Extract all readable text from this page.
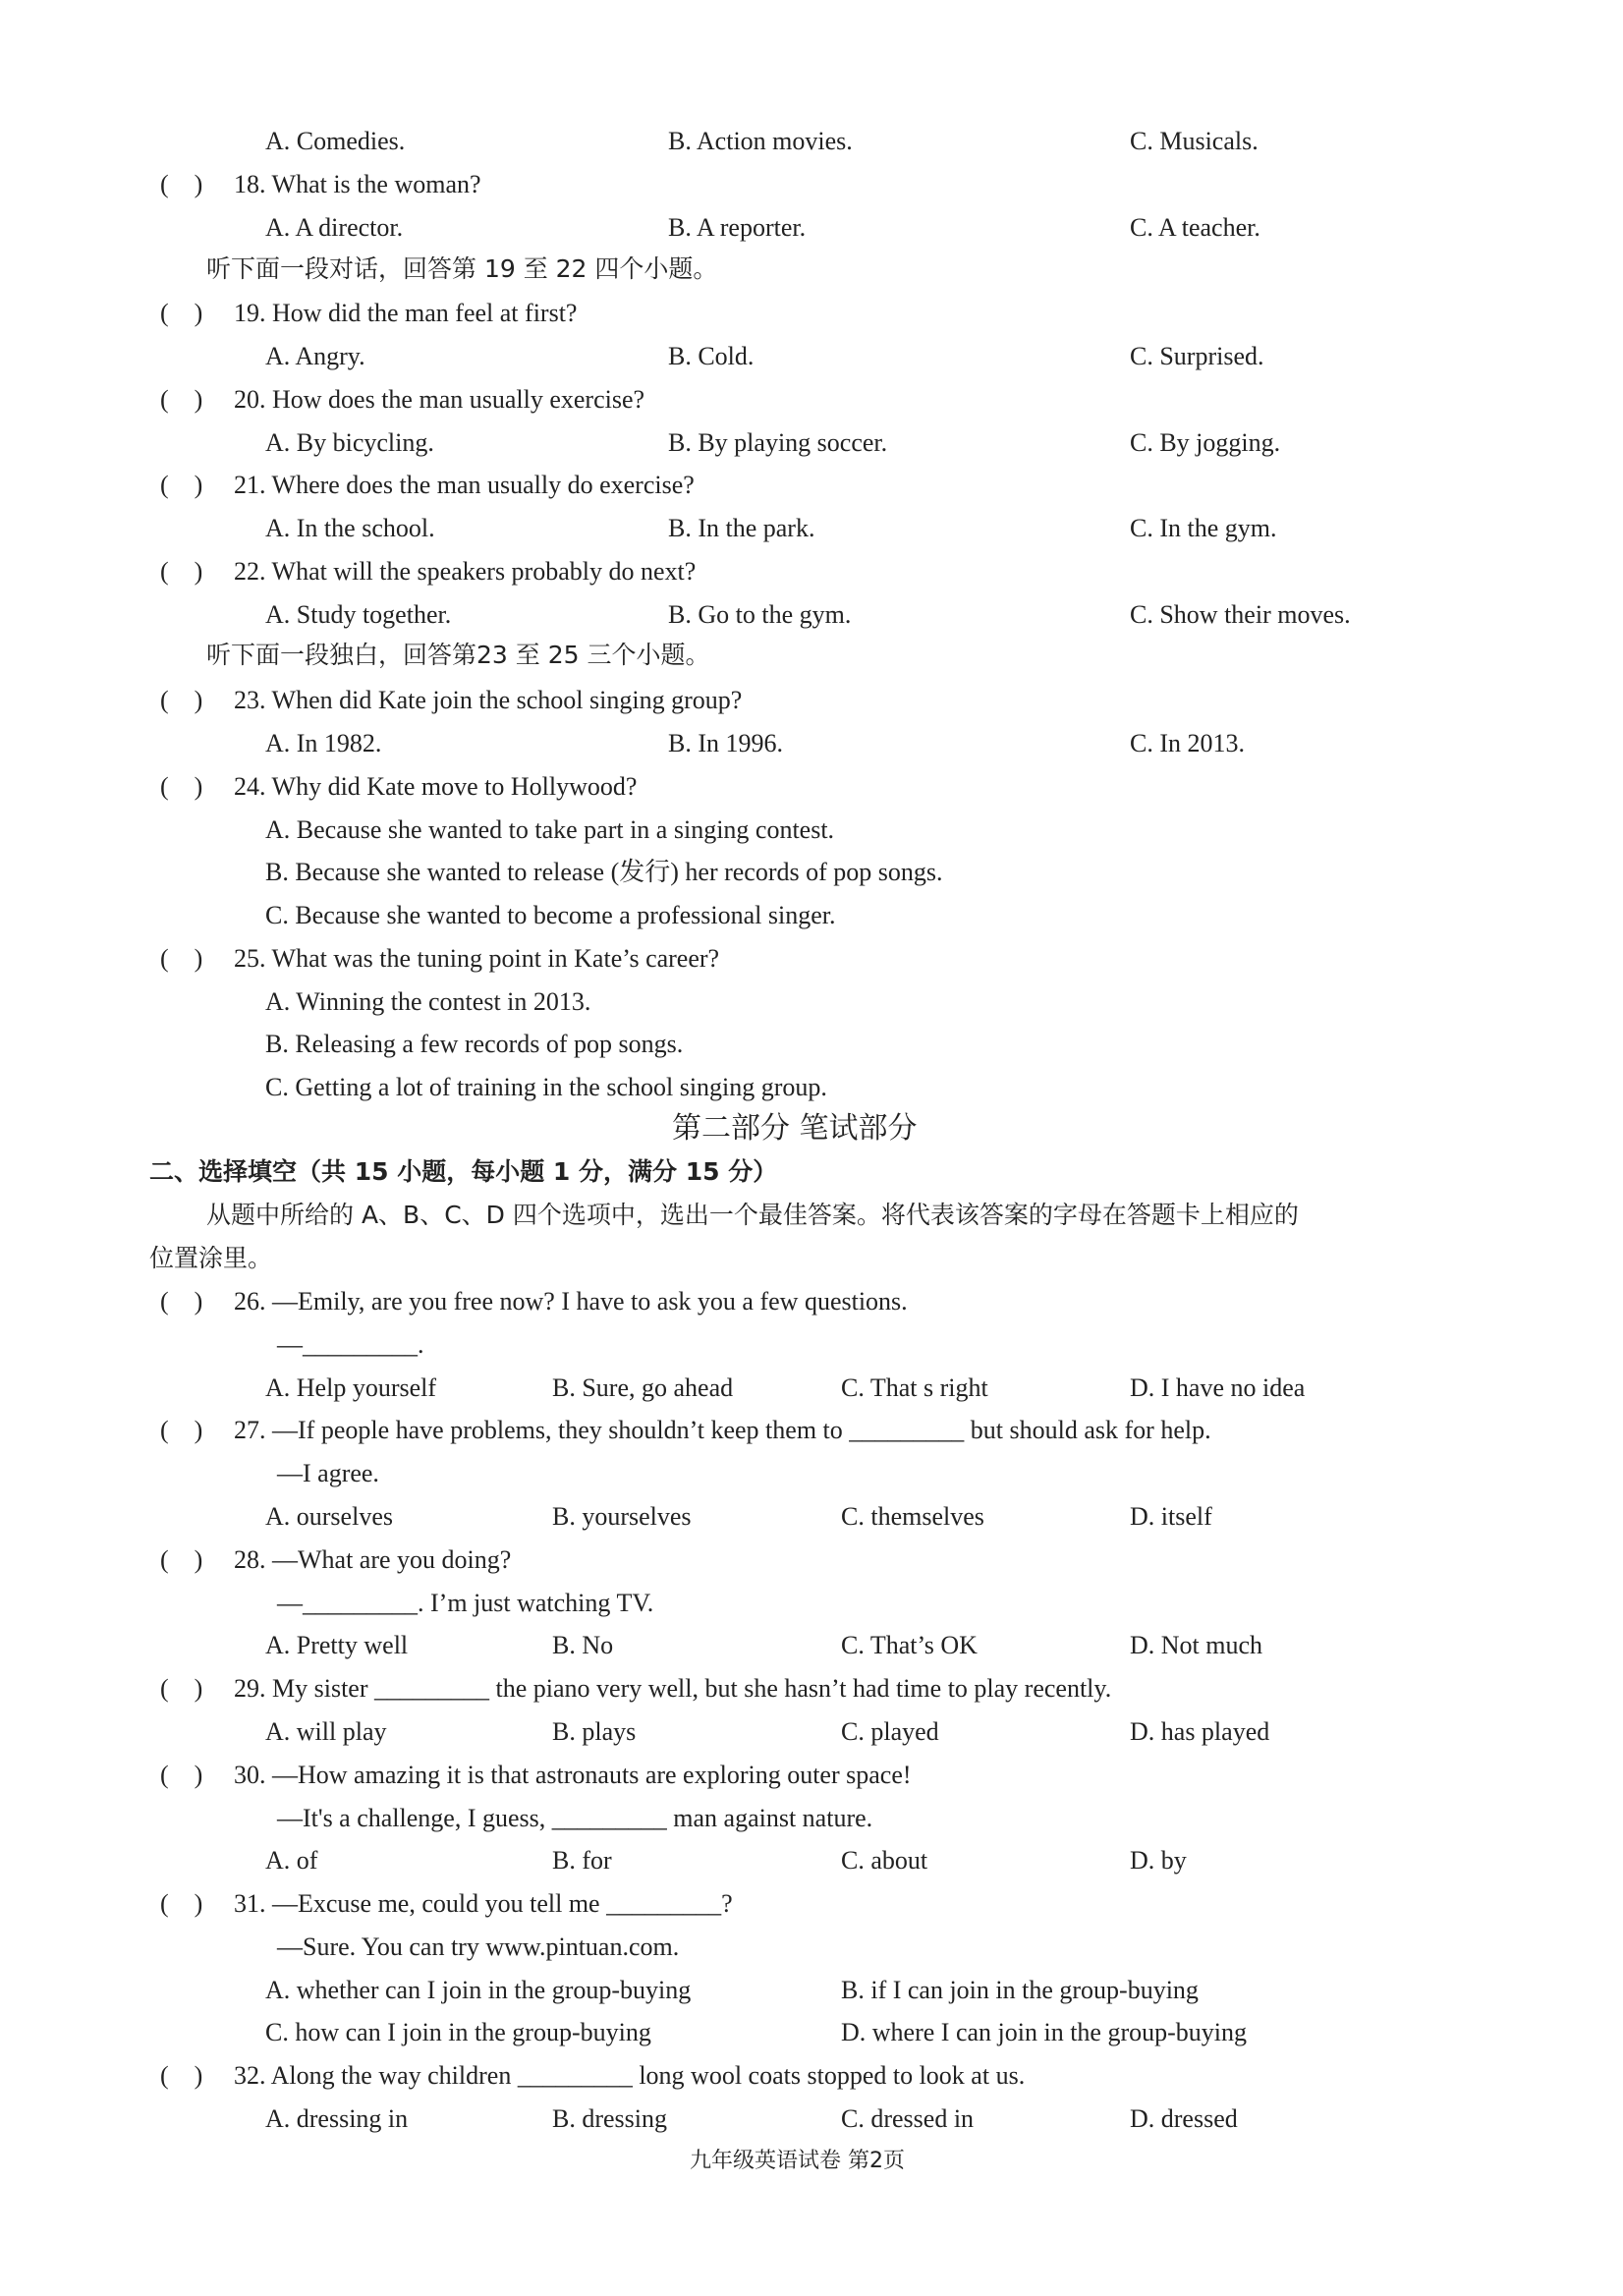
A. Comedies.	B. Action movies.	C. Musicals.
(    ) 18. What is the woman?
A. A director.	B. A reporter.	C. A teacher.
听下面一段对话，回答第 19 至 22 四个小题。
(    ) 19. How did the man feel at first?
A. Angry.	B. Cold.	C. Surprised.
(    ) 20. How does the man usually exercise?
A. By bicycling.	B. By playing soccer.	C. By jogging.
(    ) 21. Where does the man usually do exercise?
A. In the school.	B. In the park.	C. In the gym.
(    ) 22. What will the speakers probably do next?
A. Study together.	B. Go to the gym.	C. Show their moves.
听下面一段独白，回答第23 至 25 三个小题。
(    ) 23. When did Kate join the school singing group?
A. In 1982.	B. In 1996.	C. In 2013.
(    ) 24. Why did Kate move to Hollywood?
A. Because she wanted to take part in a singing contest.
B. Because she wanted to release (发行) her records of pop songs.
C. Because she wanted to become a professional singer.
(    ) 25. What was the tuning point in Kate’s career?
A. Winning the contest in 2013.
B. Releasing a few records of pop songs.
C. Getting a lot of training in the school singing group.
第二部分 笔试部分
二、选择填空（共 15 小题，每小题 1 分，满分 15 分）
从题中所给的 A、B、C、D 四个选项中，选出一个最佳答案。将代表该答案的字母在答题卡上相应的
位置涂里。
(    ) 26. —Emily, are you free now? I have to ask you a few questions.
—_________.
A. Help yourself	B. Sure, go ahead	C. That s right	D. I have no idea
(    ) 27. —If people have problems, they shouldn’t keep them to _________ but should ask for help.
—I agree.
A. ourselves	B. yourselves	C. themselves	D. itself
(    ) 28. —What are you doing?
—_________. I’m just watching TV.
A. Pretty well	B. No	C. That’s OK	D. Not much
(    ) 29. My sister _________ the piano very well, but she hasn’t had time to play recently.
A. will play	B. plays	C. played	D. has played
(    ) 30. —How amazing it is that astronauts are exploring outer space!
—It's a challenge, I guess, _________ man against nature.
A. of	B. for	C. about	D. by
(    ) 31. —Excuse me, could you tell me _________?
—Sure. You can try www.pintuan.com.
A. whether can I join in the group-buying	B. if I can join in the group-buying
C. how can I join in the group-buying	D. where I can join in the group-buying
(    ) 32. Along the way children _________ long wool coats stopped to look at us.
A. dressing in	B. dressing	C. dressed in	D. dressed
九年级英语试卷 第2页
